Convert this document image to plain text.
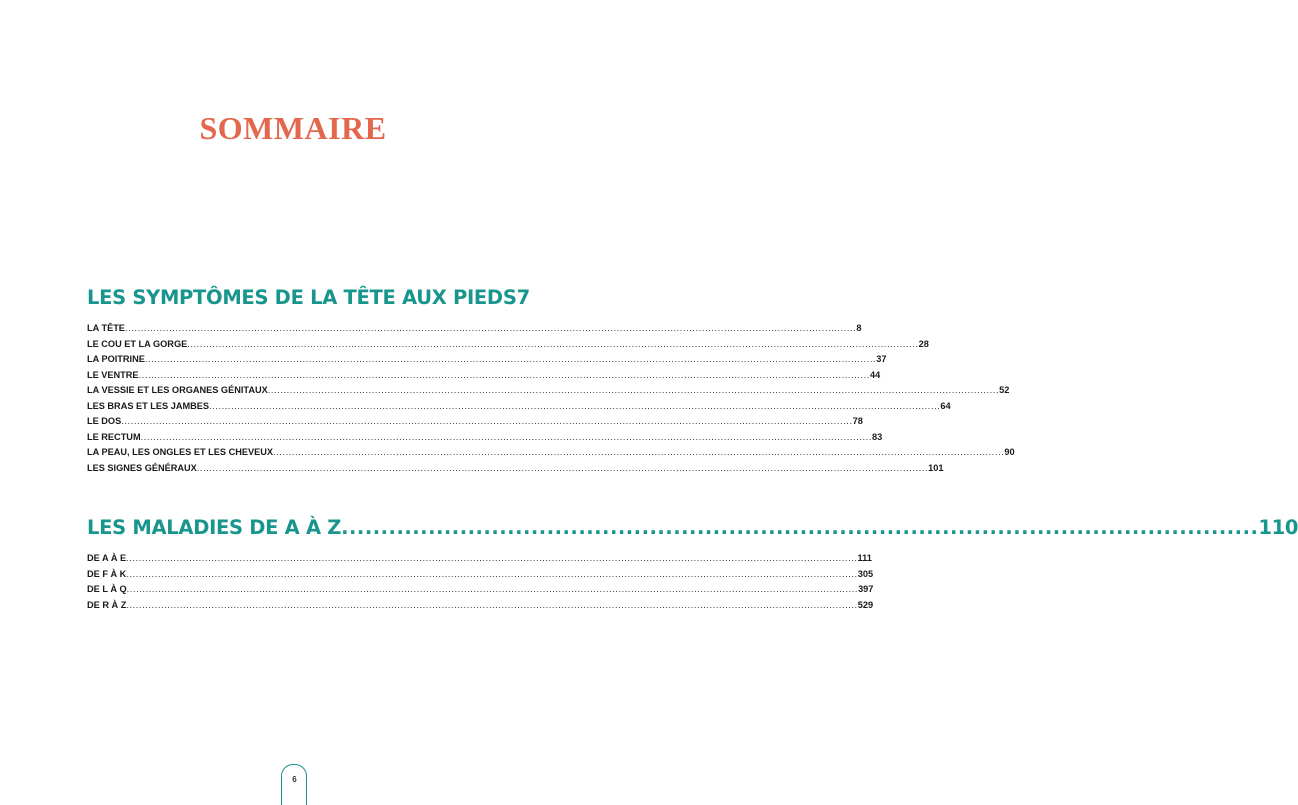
SOMMAIRE
LES SYMPTÔMES DE LA TÊTE AUX PIEDS 7
LA TÊTE .....	8
LE COU ET LA GORGE .....	28
LA POITRINE .....	37
LE VENTRE .....	44
LA VESSIE ET LES ORGANES GÉNITAUX .....	52
LES BRAS ET LES JAMBES .....	64
LE DOS .....	78
LE RECTUM .....	83
LA PEAU, LES ONGLES ET LES CHEVEUX .....	90
LES SIGNES GÉNÉRAUX .....	101
LES MALADIES DE A À Z .....	110
DE A À E .....	111
DE F À K .....	305
DE L À Q .....	397
DE R À Z .....	529
6
